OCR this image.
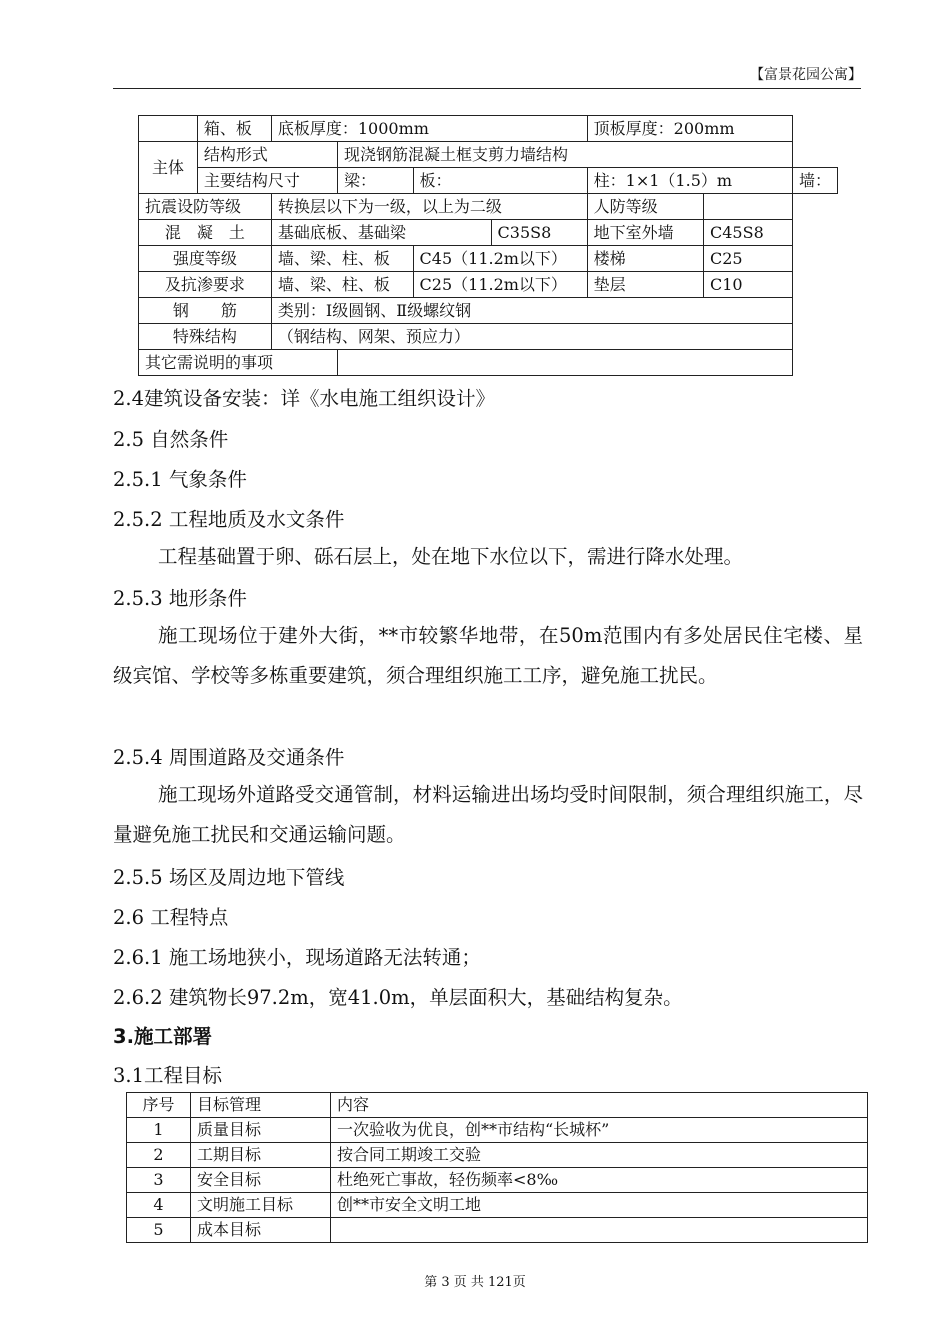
【富景花园公寓】
	箱、板	底板厚度：1000mm				顶板厚度：200mm		
主体	结构形式		现浇钢筋混凝土框支剪力墙结构					
	主要结构尺寸		梁：	板：		柱：1×1（1.5）m		墙：
抗震设防等级		转换层以下为一级，以上为二级				人防等级		
混　凝　土		基础底板、基础梁			C35S8	地下室外墙	C45S8	
强度等级		墙、梁、柱、板		C45（11.2m以下）		楼梯	C25	
及抗渗要求		墙、梁、柱、板		C25（11.2m以下）		垫层	C10	
钢　　筋		类别：Ⅰ级圆钢、Ⅱ级螺纹钢						
特殊结构		（钢结构、网架、预应力）						
其它需说明的事项								
2.4建筑设备安装：详《水电施工组织设计》
2.5 自然条件
2.5.1 气象条件
2.5.2 工程地质及水文条件
工程基础置于卵、砾石层上，处在地下水位以下，需进行降水处理。
2.5.3 地形条件
施工现场位于建外大街，**市较繁华地带，在50m范围内有多处居民住宅楼、星级宾馆、学校等多栋重要建筑，须合理组织施工工序，避免施工扰民。
2.5.4 周围道路及交通条件
施工现场外道路受交通管制，材料运输进出场均受时间限制，须合理组织施工，尽量避免施工扰民和交通运输问题。
2.5.5 场区及周边地下管线
2.6 工程特点
2.6.1 施工场地狭小，现场道路无法转通；
2.6.2 建筑物长97.2m，宽41.0m，单层面积大，基础结构复杂。
3.施工部署
3.1工程目标
序号	目标管理	内容
1	质量目标	一次验收为优良，创**市结构“长城杯”
2	工期目标	按合同工期竣工交验
3	安全目标	杜绝死亡事故，轻伤频率<8‰
4	文明施工目标	创**市安全文明工地
5	成本目标	
第 3 页 共 121页
